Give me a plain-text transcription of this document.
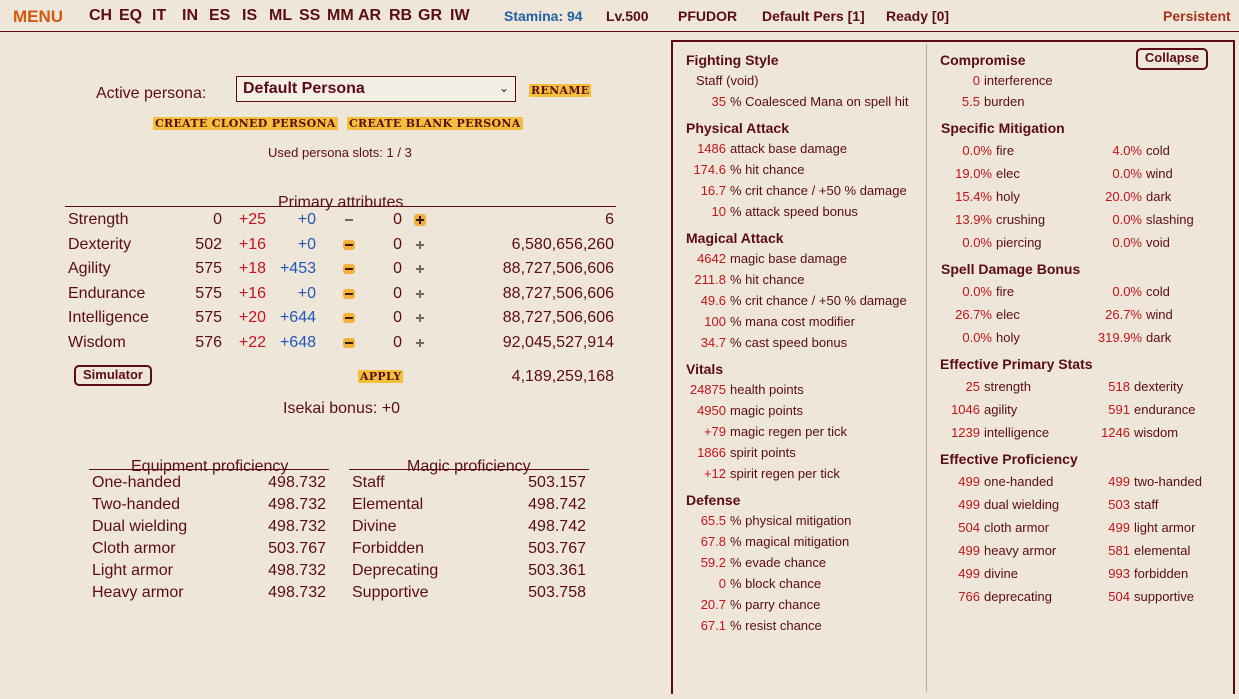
MENU CH EQ IT IN ES IS ML SS MM AR RB GR IW Stamina: 94 Lv.500 PFUDOR Default Pers [1] Ready [0]	Persistent
Active persona: Default Persona	⌄ RENAME
CREATE CLONED PERSONA CREATE BLANK PERSONA
Used persona slots: 1 / 3
Primary attributes
Strength	0	+25	+0	0	6
Dexterity	502	+16	+0	0	6,580,656,260
Agility	575	+18 +453	0	88,727,506,606
Endurance	575	+16	+0	0	88,727,506,606
Intelligence	575	+20 +644	0	88,727,506,606
Wisdom	576	+22 +648	0	92,045,527,914
Simulator	APPLY	4,189,259,168
Isekai bonus: +0
Equipment proficiency
One-handed	498.732
Two-handed	498.732
Dual wielding	498.732
Cloth armor	503.767
Light armor	498.732
Heavy armor	498.732
Magic proficiency
Staff	503.157
Elemental	498.742
Divine	498.742
Forbidden	503.767
Deprecating	503.361
Supportive	503.758
Fighting Style
Staff (void)
35 % Coalesced Mana on spell hit
Physical Attack
1486 attack base damage
174.6 % hit chance
16.7 % crit chance / +50 % damage
10 % attack speed bonus
Magical Attack
4642 magic base damage
211.8 % hit chance
49.6 % crit chance / +50 % damage
100 % mana cost modifier
34.7 % cast speed bonus
Vitals
24875 health points
4950 magic points
+79 magic regen per tick
1866 spirit points
+12 spirit regen per tick
Defense
65.5 % physical mitigation
67.8 % magical mitigation
59.2 % evade chance
0 % block chance
20.7 % parry chance
67.1 % resist chance
Collapse
Compromise
0 interference
5.5 burden
Specific Mitigation
0.0% fire	4.0% cold
19.0% elec	0.0% wind
15.4% holy	20.0% dark
13.9% crushing	0.0% slashing
0.0% piercing	0.0% void
Spell Damage Bonus
0.0% fire	0.0% cold
26.7% elec	26.7% wind
0.0% holy	319.9% dark
Effective Primary Stats
25 strength	518 dexterity
1046 agility	591 endurance
1239 intelligence	1246 wisdom
Effective Proficiency
499 one-handed	499 two-handed
499 dual wielding	503 staff
504 cloth armor	499 light armor
499 heavy armor	581 elemental
499 divine	993 forbidden
766 deprecating	504 supportive
